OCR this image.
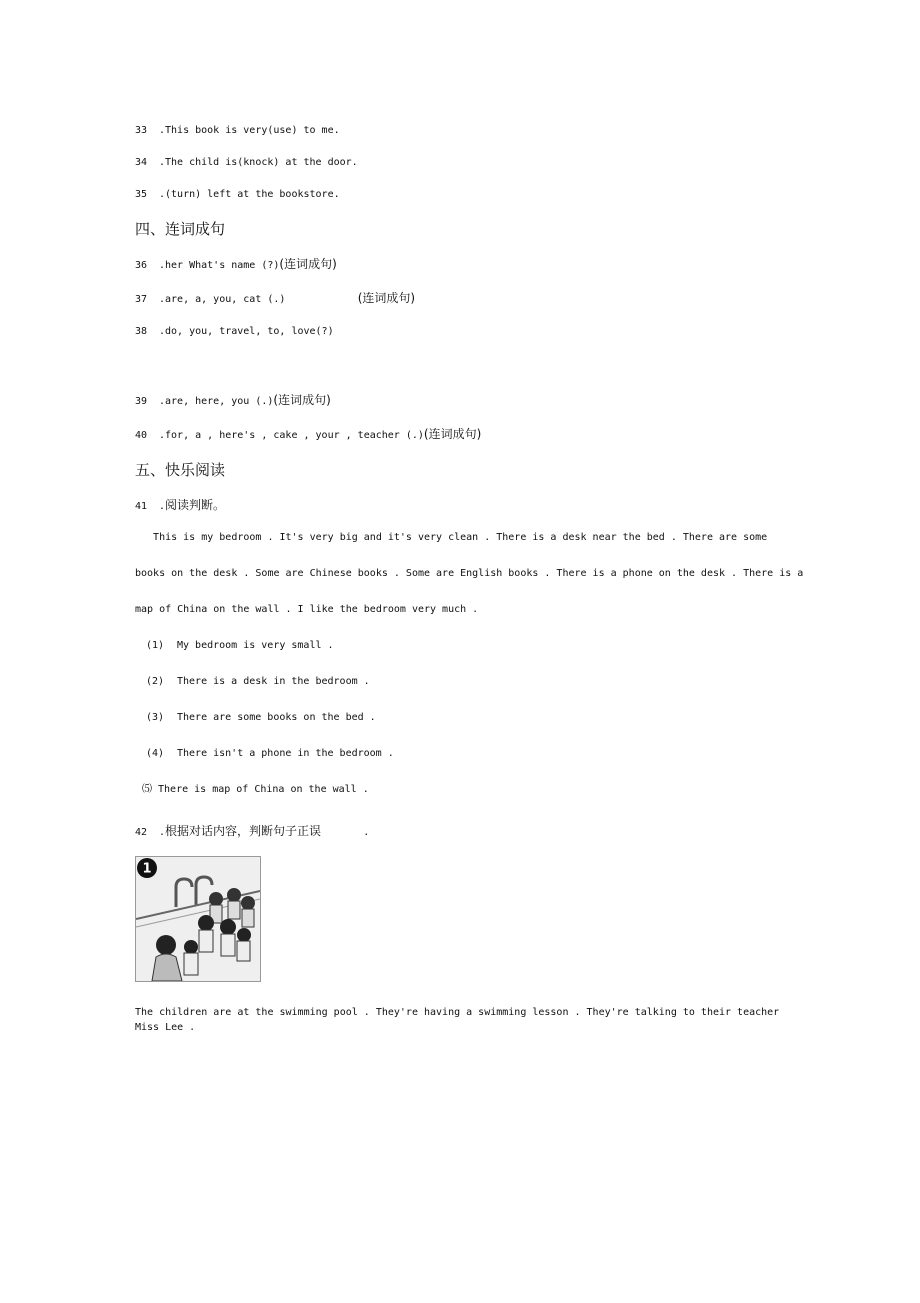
33 .This book is very(use) to me.
34 .The child is(knock) at the door.
35 .(turn) left at the bookstore.
四、连词成句
36 .her What's name (?)(连词成句)
37 .are, a, you, cat (.)            (连词成句)
38 .do, you, travel, to, love(?)
39 .are, here, you (.)(连词成句)
40 .for, a , here's , cake , your , teacher (.)(连词成句)
五、快乐阅读
41 .阅读判断。
This is my bedroom . It's very big and it's very clean . There is a desk near the bed . There are some
books on the desk . Some are Chinese books . Some are English books . There is a phone on the desk . There is a
map of China on the wall . I like the bedroom very much .
(1) My bedroom is very small .
(2) There is a desk in the bedroom .
(3) There are some books on the bed .
(4) There isn't a phone in the bedroom .
⑸ There is map of China on the wall .
42 .根据对话内容，判断句子正误       .
1
The children are at the swimming pool . They're having a swimming lesson . They're talking to their teacher
Miss Lee .
